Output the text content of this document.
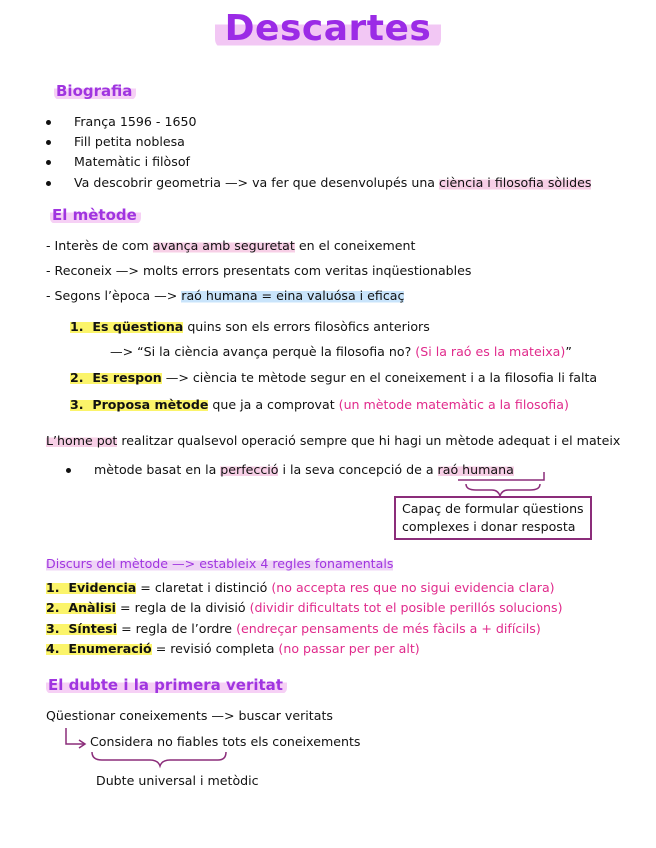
Descartes
Biografia
França 1596 - 1650
Fill petita noblesa
Matemàtic i filòsof
Va descobrir geometria —> va fer que desenvolupés una ciència i filosofia sòlides
El mètode
- Interès de com avança amb seguretat en el coneixement
- Reconeix —> molts errors presentats com veritas inqüestionables
- Segons l’època —> raó humana = eina valuósa i eficaç
1. Es qüestiona quins son els errors filosòfics anteriors
—> “Si la ciència avança perquè la filosofia no? (Si la raó es la mateixa)”
2. Es respon —> ciència te mètode segur en el coneixement i a la filosofia li falta
3. Proposa mètode que ja a comprovat (un mètode matemàtic a la filosofia)
L’home pot realitzar qualsevol operació sempre que hi hagi un mètode adequat i el mateix
mètode basat en la perfecció i la seva concepció de a raó humana
Capaç de formular qüestions
complexes i donar resposta
Discurs del mètode —> estableix 4 regles fonamentals
1. Evidencia = claretat i distinció (no accepta res que no sigui evidencia clara)
2. Anàlisi = regla de la divisió (dividir dificultats tot el posible perillós solucions)
3. Síntesi = regla de l’ordre (endreçar pensaments de més fàcils a + difícils)
4. Enumeració = revisió completa (no passar per per alt)
El dubte i la primera veritat
Qüestionar coneixements —> buscar veritats
Considera no fiables tots els coneixements
Dubte universal i metòdic
